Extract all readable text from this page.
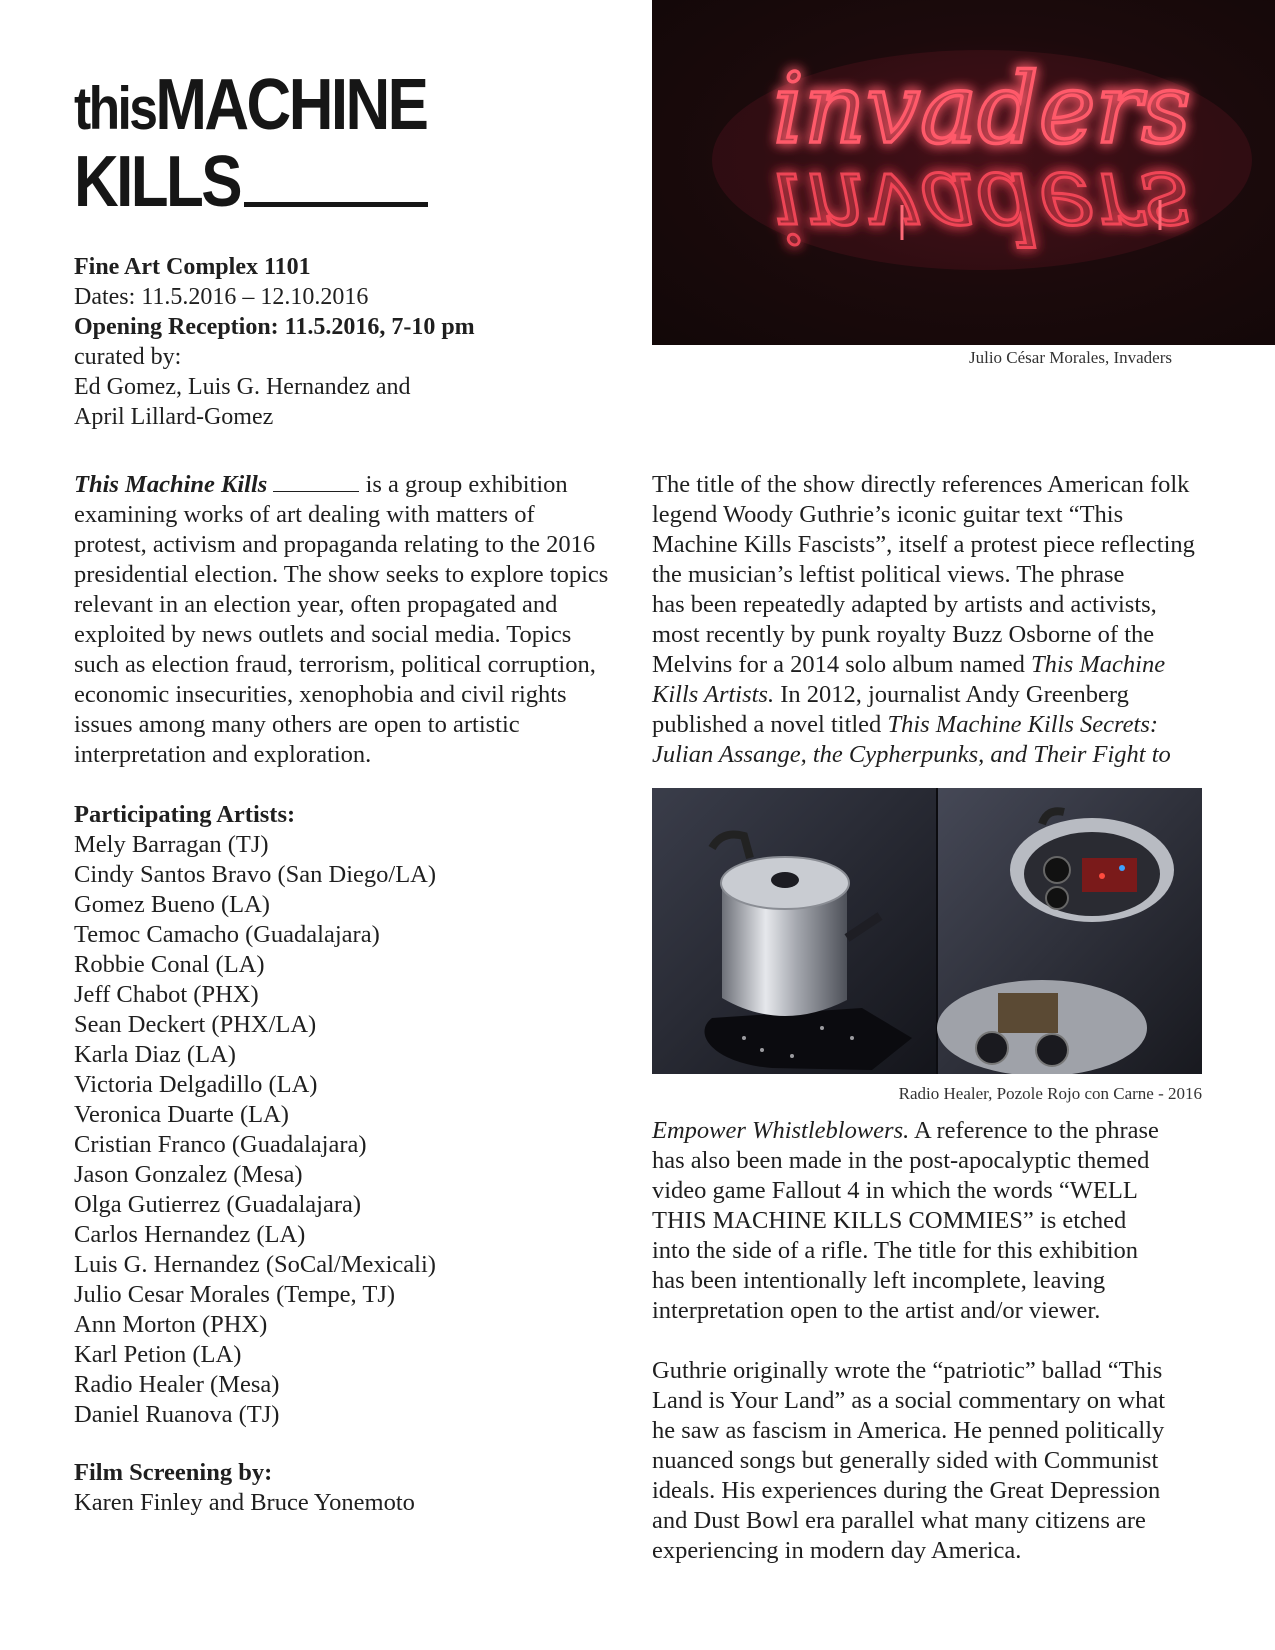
thisMACHINE
KILLS
Fine Art Complex 1101
Dates: 11.5.2016 – 12.10.2016
Opening Reception: 11.5.2016, 7-10 pm
curated by:
Ed Gomez, Luis G. Hernandez and
April Lillard-Gomez
invaders
invaders
Julio César Morales, Invaders
This Machine Kills	is a group exhibition
examining works of art dealing with matters of
protest, activism and propaganda relating to the 2016
presidential election. The show seeks to explore topics
relevant in an election year, often propagated and
exploited by news outlets and social media. Topics
such as election fraud, terrorism, political corruption,
economic insecurities, xenophobia and civil rights
issues among many others are open to artistic
interpretation and exploration.
Participating Artists:
Mely Barragan (TJ)
Cindy Santos Bravo (San Diego/LA)
Gomez Bueno (LA)
Temoc Camacho (Guadalajara)
Robbie Conal (LA)
Jeff Chabot (PHX)
Sean Deckert (PHX/LA)
Karla Diaz (LA)
Victoria Delgadillo (LA)
Veronica Duarte (LA)
Cristian Franco (Guadalajara)
Jason Gonzalez (Mesa)
Olga Gutierrez (Guadalajara)
Carlos Hernandez (LA)
Luis G. Hernandez (SoCal/Mexicali)
Julio Cesar Morales (Tempe, TJ)
Ann Morton (PHX)
Karl Petion (LA)
Radio Healer (Mesa)
Daniel Ruanova (TJ)
Film Screening by:
Karen Finley and Bruce Yonemoto
The title of the show directly references American folk
legend Woody Guthrie’s iconic guitar text “This
Machine Kills Fascists”, itself a protest piece reflecting
the musician’s leftist political views. The phrase
has been repeatedly adapted by artists and activists,
most recently by punk royalty Buzz Osborne of the
Melvins for a 2014 solo album named This Machine
Kills Artists. In 2012, journalist Andy Greenberg
published a novel titled This Machine Kills Secrets:
Julian Assange, the Cypherpunks, and Their Fight to
Radio Healer, Pozole Rojo con Carne - 2016
Empower Whistleblowers. A reference to the phrase
has also been made in the post-apocalyptic themed
video game Fallout 4 in which the words “WELL
THIS MACHINE KILLS COMMIES” is etched
into the side of a rifle. The title for this exhibition
has been intentionally left incomplete, leaving
interpretation open to the artist and/or viewer.
Guthrie originally wrote the “patriotic” ballad “This
Land is Your Land” as a social commentary on what
he saw as fascism in America. He penned politically
nuanced songs but generally sided with Communist
ideals. His experiences during the Great Depression
and Dust Bowl era parallel what many citizens are
experiencing in modern day America.
